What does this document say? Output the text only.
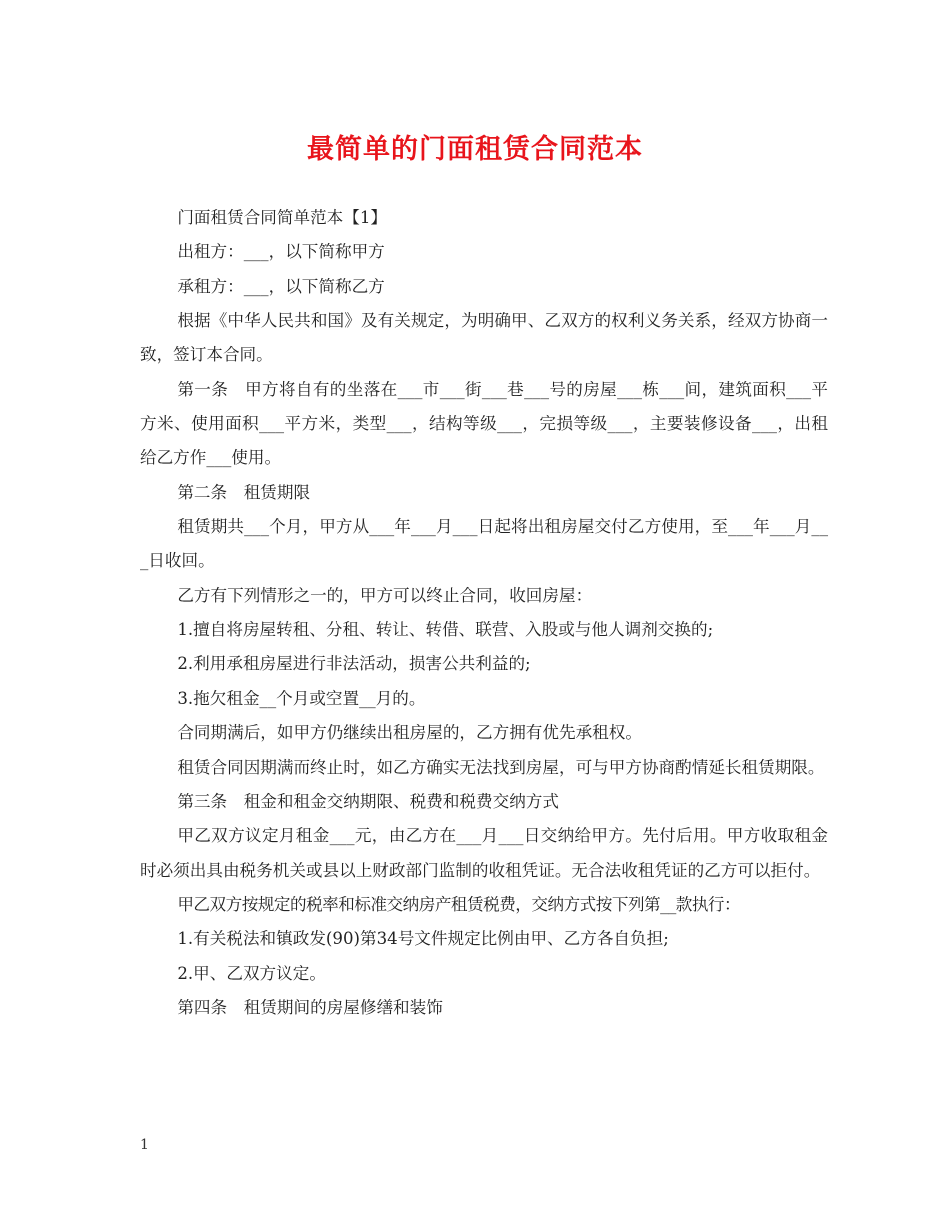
最简单的门面租赁合同范本

门面租赁合同简单范本【1】

出租方：___，以下简称甲方

承租方：___，以下简称乙方

根据《中华人民共和国》及有关规定，为明确甲、乙双方的权利义务关系，经双方协商一致，签订本合同。

第一条　甲方将自有的坐落在___市___街___巷___号的房屋___栋___间，建筑面积___平方米、使用面积___平方米，类型___，结构等级___，完损等级___，主要装修设备___，出租给乙方作___使用。

第二条　租赁期限

租赁期共___个月，甲方从___年___月___日起将出租房屋交付乙方使用，至___年___月___日收回。

乙方有下列情形之一的，甲方可以终止合同，收回房屋：

1.擅自将房屋转租、分租、转让、转借、联营、入股或与他人调剂交换的;

2.利用承租房屋进行非法活动，损害公共利益的;

3.拖欠租金__个月或空置__月的。

合同期满后，如甲方仍继续出租房屋的，乙方拥有优先承租权。

租赁合同因期满而终止时，如乙方确实无法找到房屋，可与甲方协商酌情延长租赁期限。

第三条　租金和租金交纳期限、税费和税费交纳方式

甲乙双方议定月租金___元，由乙方在___月___日交纳给甲方。先付后用。甲方收取租金时必须出具由税务机关或县以上财政部门监制的收租凭证。无合法收租凭证的乙方可以拒付。

甲乙双方按规定的税率和标准交纳房产租赁税费，交纳方式按下列第__款执行：

1.有关税法和镇政发(90)第34号文件规定比例由甲、乙方各自负担;

2.甲、乙双方议定。

第四条　租赁期间的房屋修缮和装饰

1
